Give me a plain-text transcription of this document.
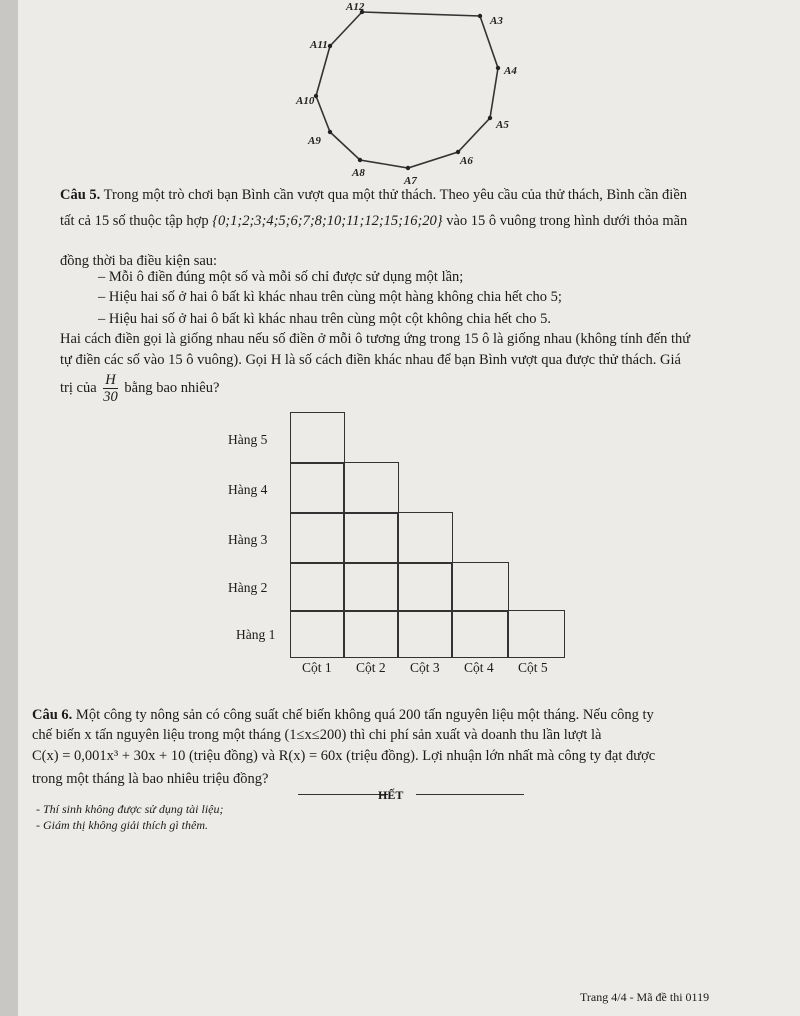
A12
A3
A4
A5
A6
A7
A8
A9
A10
A11
Câu 5. Trong một trò chơi bạn Bình cần vượt qua một thử thách. Theo yêu cầu của thử thách, Bình cần điền
tất cả 15 số thuộc tập hợp {0;1;2;3;4;5;6;7;8;10;11;12;15;16;20} vào 15 ô vuông trong hình dưới thỏa mãn
đồng thời ba điều kiện sau:
– Mỗi ô điền đúng một số và mỗi số chỉ được sử dụng một lần;
– Hiệu hai số ở hai ô bất kì khác nhau trên cùng một hàng không chia hết cho 5;
– Hiệu hai số ở hai ô bất kì khác nhau trên cùng một cột không chia hết cho 5.
Hai cách điền gọi là giống nhau nếu số điền ở mỗi ô tương ứng trong 15 ô là giống nhau (không tính đến thứ
tự điền các số vào 15 ô vuông). Gọi H là số cách điền khác nhau để bạn Bình vượt qua được thử thách. Giá
trị của $\frac{H}{30}$ bằng bao nhiêu?
Hàng 5
Hàng 4
Hàng 3
Hàng 2
Hàng 1
Cột 1 Cột 2 Cột 3 Cột 4 Cột 5
Câu 6. Một công ty nông sản có công suất chế biến không quá 200 tấn nguyên liệu một tháng. Nếu công ty
chế biến x tấn nguyên liệu trong một tháng (1≤x≤200) thì chi phí sản xuất và doanh thu lần lượt là
C(x) = 0,001x³ + 30x + 10 (triệu đồng) và R(x) = 60x (triệu đồng). Lợi nhuận lớn nhất mà công ty đạt được
trong một tháng là bao nhiêu triệu đồng?
HẾT
- Thí sinh không được sử dụng tài liệu;
- Giám thị không giải thích gì thêm.
Trang 4/4 - Mã đề thi 0119
